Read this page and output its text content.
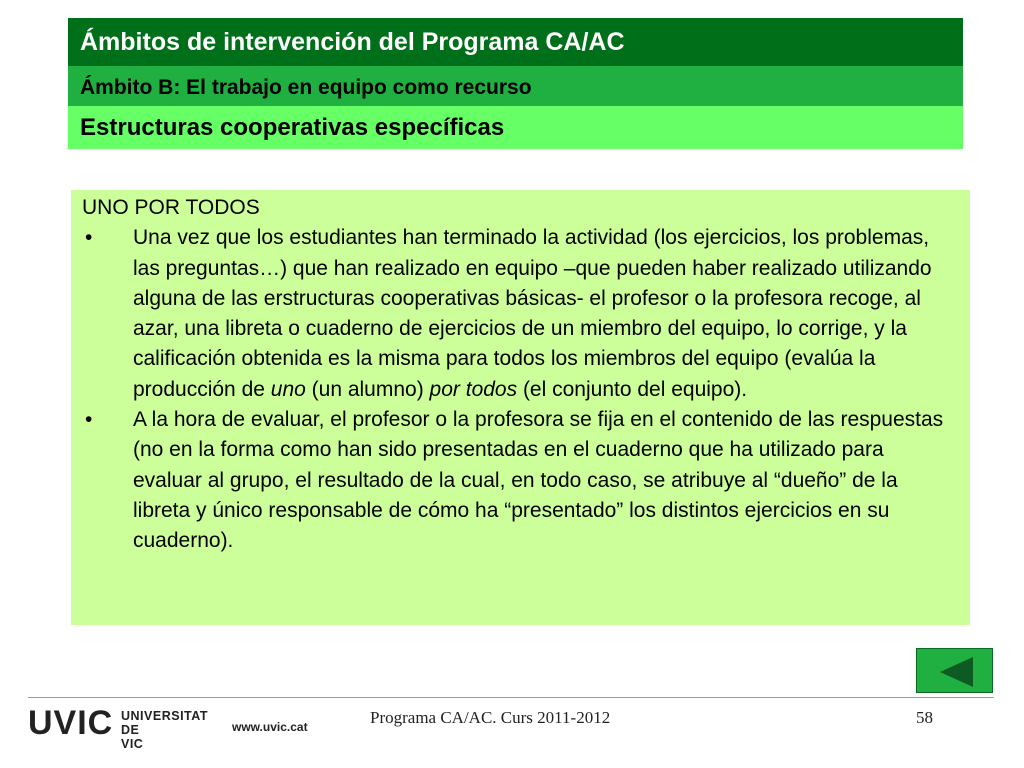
Ámbitos de intervención del Programa CA/AC
Ámbito B: El trabajo en equipo como recurso
Estructuras cooperativas específicas

UNO POR TODOS

• Una vez que los estudiantes han terminado la actividad (los ejercicios, los problemas, las preguntas…) que han realizado en equipo –que pueden haber realizado utilizando alguna de las erstructuras cooperativas básicas- el profesor o la profesora recoge, al azar, una libreta o cuaderno de ejercicios de un miembro del equipo, lo corrige, y la calificación obtenida es la misma para todos los miembros del equipo (evalúa la producción de uno (un alumno) por todos (el conjunto del equipo).
• A la hora de evaluar, el profesor o la profesora se fija en el contenido de las respuestas (no en la forma como han sido presentadas en el cuaderno que ha utilizado para evaluar al grupo, el resultado de la cual, en todo caso, se atribuye al “dueño” de la libreta y único responsable de cómo ha “presentado” los distintos ejercicios en su cuaderno).
UVIC UNIVERSITAT
DE VIC
www.uvic.cat	Programa CA/AC. Curs 2011-2012	58
